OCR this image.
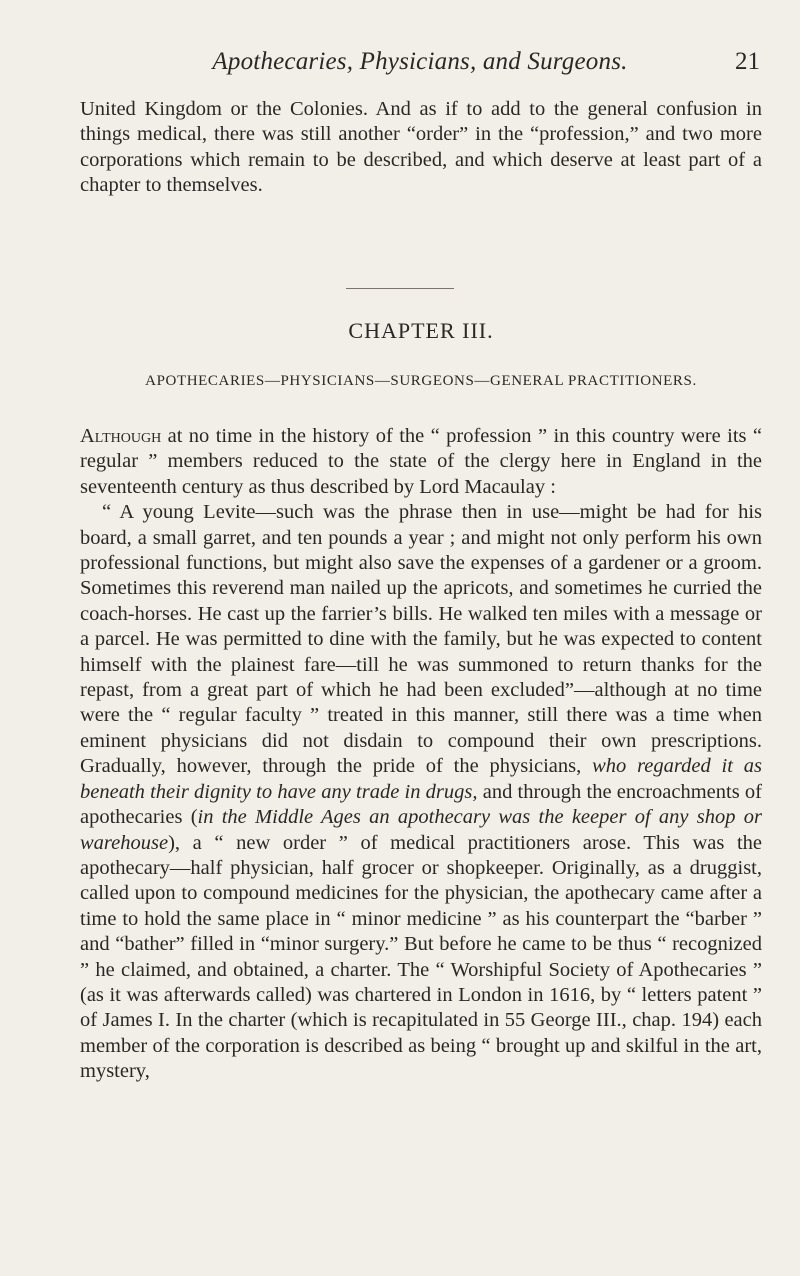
Apothecaries, Physicians, and Surgeons.	21

United Kingdom or the Colonies. And as if to add to the general confusion in things medical, there was still another “order” in the “profession,” and two more corporations which remain to be described, and which deserve at least part of a chapter to themselves.

CHAPTER III.
APOTHECARIES—PHYSICIANS—SURGEONS—GENERAL PRACTITIONERS.

Although at no time in the history of the “ profession ” in this country were its “ regular ” members reduced to the state of the clergy here in England in the seventeenth century as thus described by Lord Macaulay :
“ A young Levite—such was the phrase then in use—might be had for his board, a small garret, and ten pounds a year ; and might not only perform his own professional functions, but might also save the expenses of a gardener or a groom. Sometimes this reverend man nailed up the apricots, and sometimes he curried the coach-horses. He cast up the farrier’s bills. He walked ten miles with a message or a parcel. He was permitted to dine with the family, but he was expected to content himself with the plainest fare—till he was summoned to return thanks for the repast, from a great part of which he had been excluded”—although at no time were the “ regular faculty ” treated in this manner, still there was a time when eminent physicians did not disdain to compound their own prescriptions. Gradually, however, through the pride of the physicians, who regarded it as beneath their dignity to have any trade in drugs, and through the encroachments of apothecaries (in the Middle Ages an apothecary was the keeper of any shop or warehouse), a “ new order ” of medical practitioners arose. This was the apothecary—half physician, half grocer or shopkeeper. Originally, as a druggist, called upon to compound medicines for the physician, the apothecary came after a time to hold the same place in “ minor medicine ” as his counterpart the “barber ” and “bather” filled in “minor surgery.” But before he came to be thus “ recognized ” he claimed, and obtained, a charter. The “ Worshipful Society of Apothecaries ” (as it was afterwards called) was chartered in London in 1616, by “ letters patent ” of James I. In the charter (which is recapitulated in 55 George III., chap. 194) each member of the corporation is described as being “ brought up and skilful in the art, mystery,
